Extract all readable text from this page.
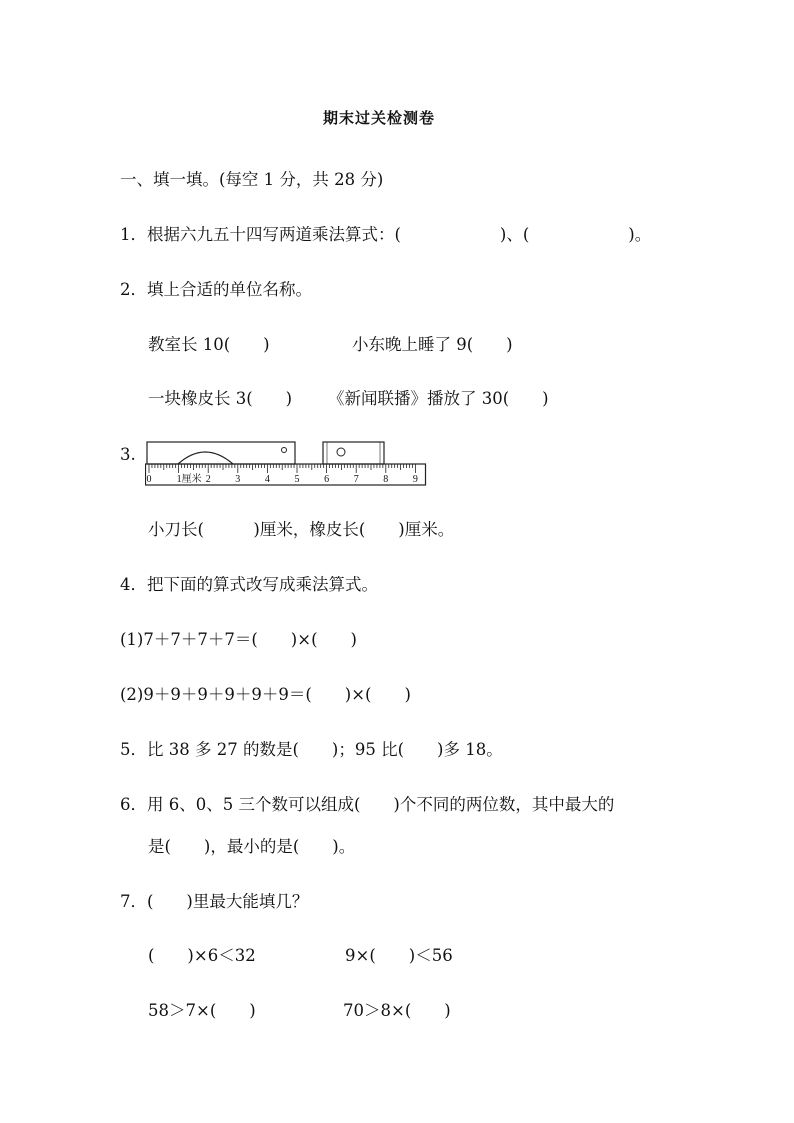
期末过关检测卷
一、填一填。(每空 1 分，共 28 分)
1．根据六九五十四写两道乘法算式：(　　　　　　)、(　　　　　　)。
2．填上合适的单位名称。
教室长 10(　　)	小东晚上睡了 9(　　)
一块橡皮长 3(　　) 《新闻联播》播放了 30(　　)
3.
0	1厘米 2 3 4 5 6 7 8 9
小刀长(　　　)厘米，橡皮长(　　)厘米。
4．把下面的算式改写成乘法算式。
(1)7＋7＋7＋7＝(　　)×(　　)
(2)9＋9＋9＋9＋9＋9＝(　　)×(　　)
5．比 38 多 27 的数是(　　)；95 比(　　)多 18。
6．用 6、0、5 三个数可以组成(　　)个不同的两位数，其中最大的
是(　　)，最小的是(　　)。
7．(　　)里最大能填几？
(　　)×6＜32	9×(　　)＜56
58＞7×(　　)	70＞8×(　　)
